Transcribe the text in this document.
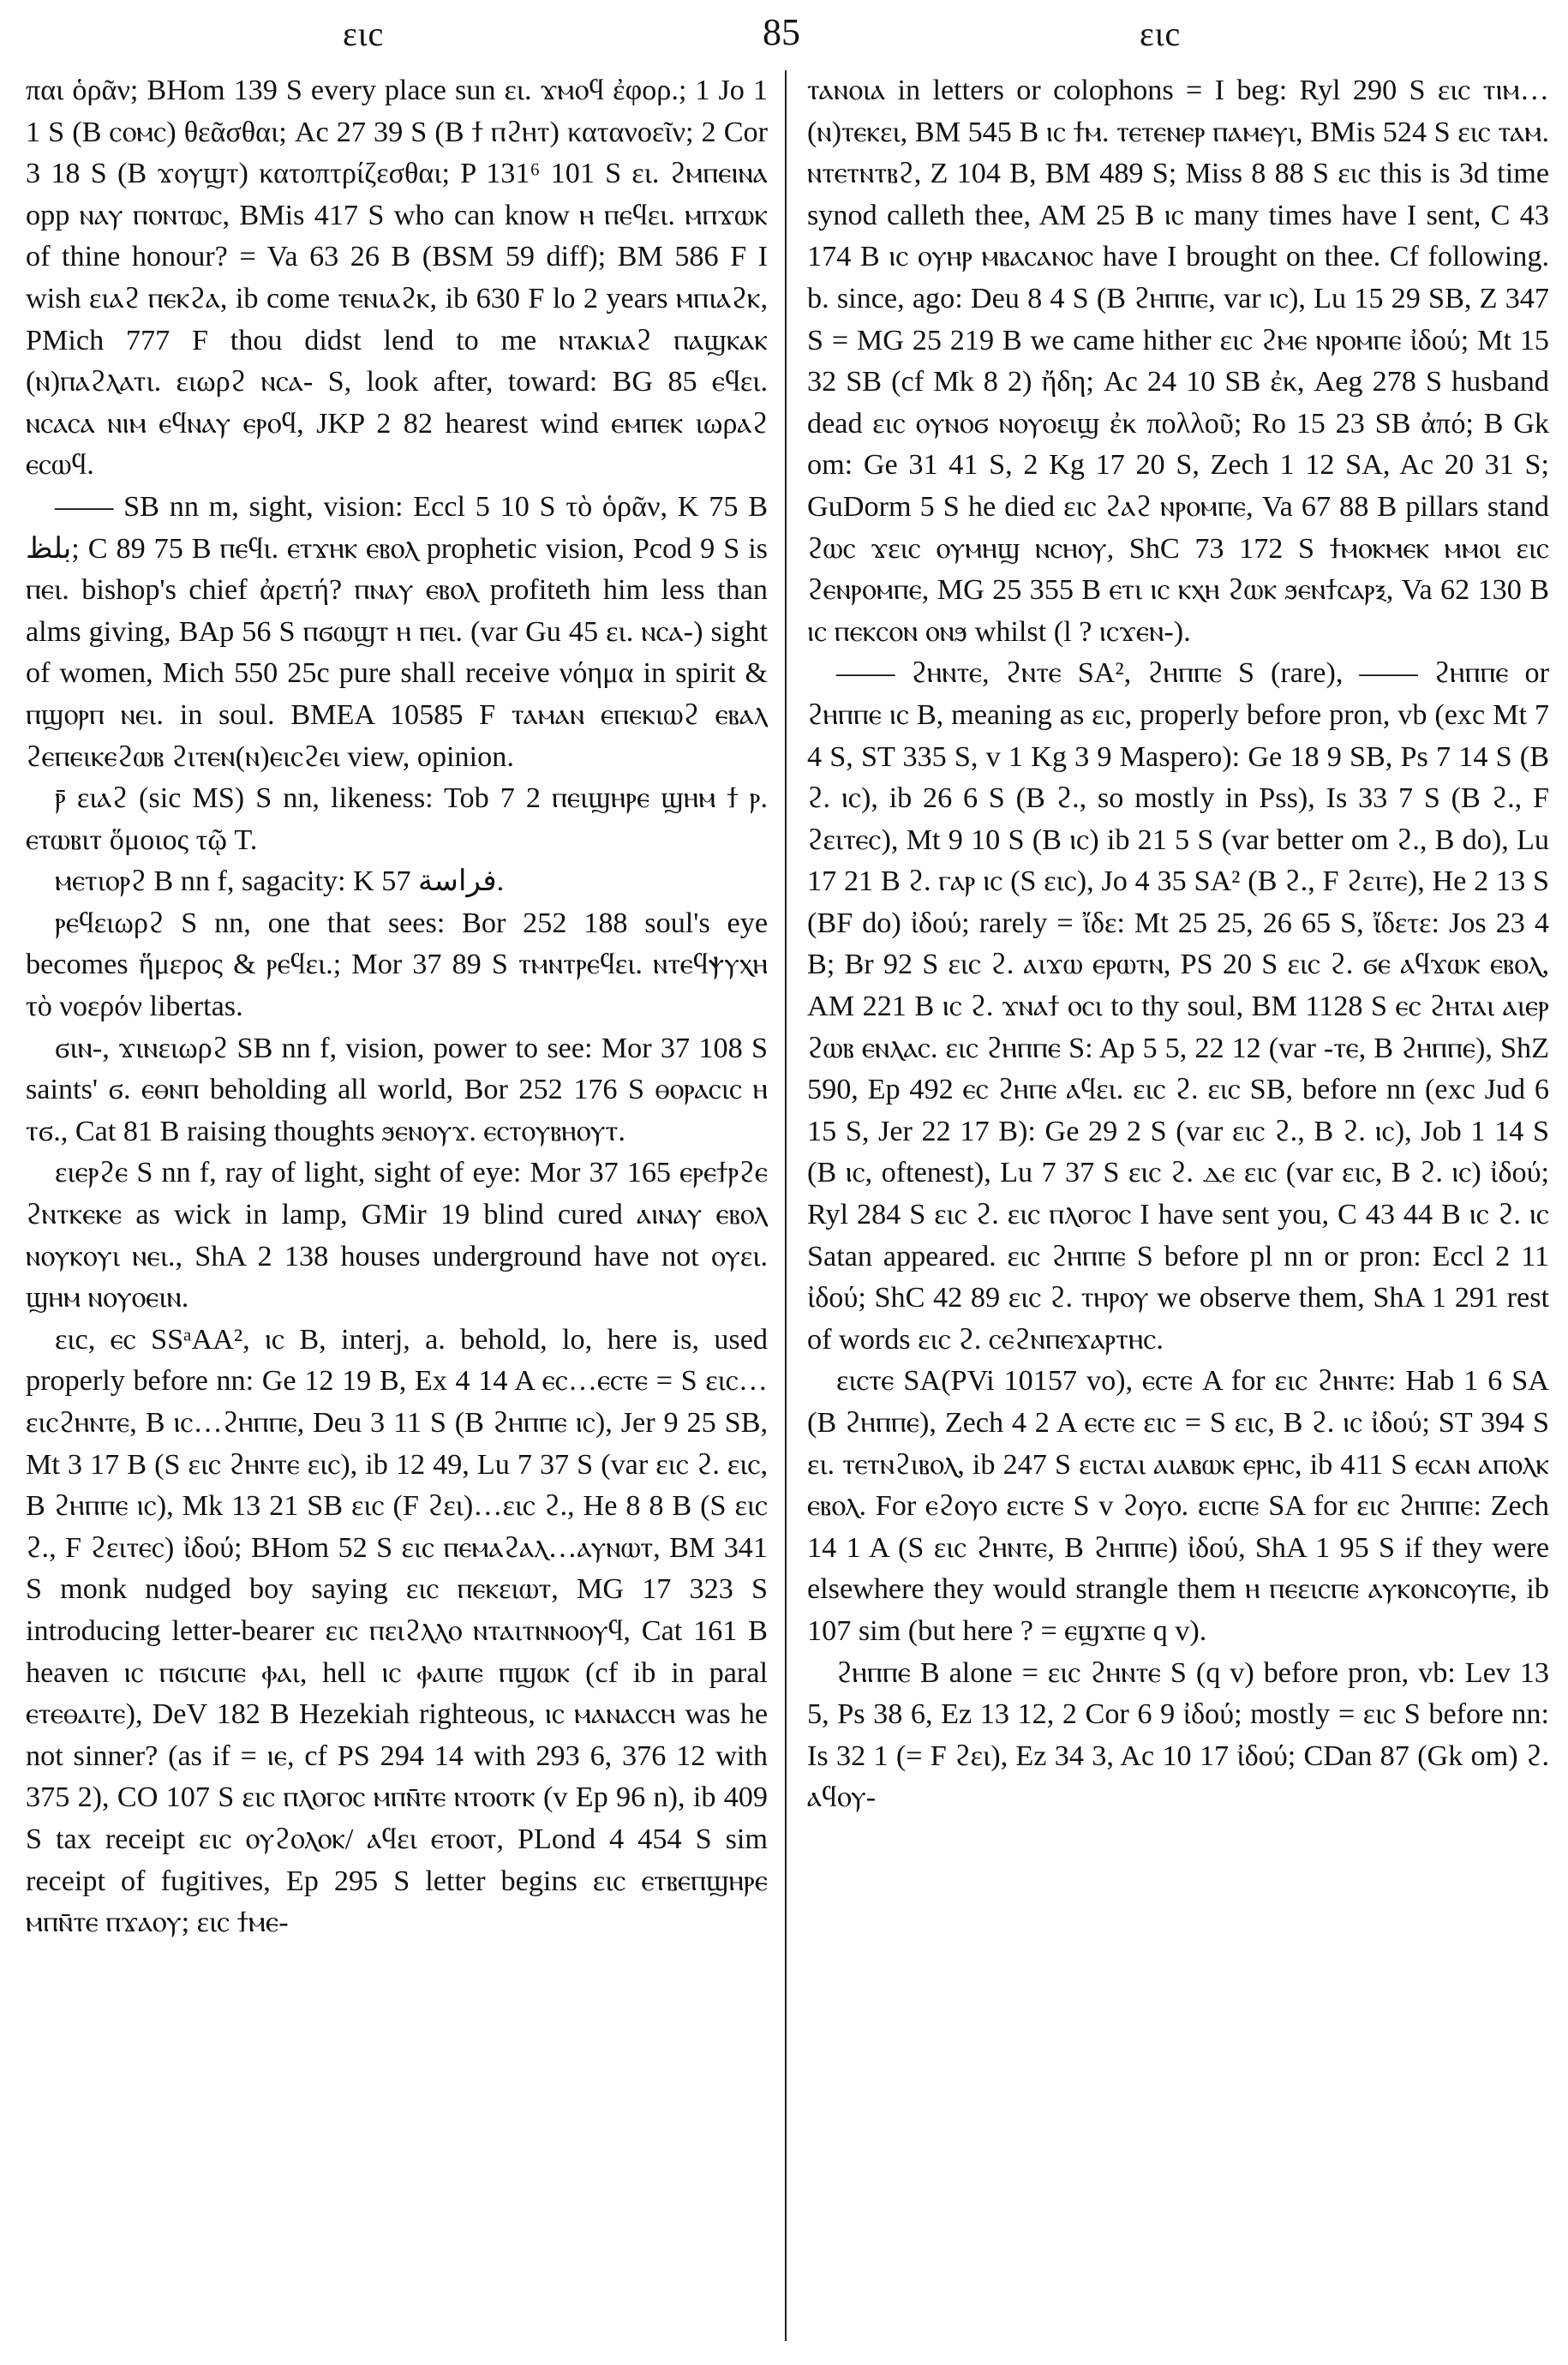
ειc	85	ειc

παι ὁρᾶν; BHom 139 S every place sun ει. ϫⲙⲟϥ ἐφορ.; 1 Jo 1 1 S (B ⲥⲟⲙⲥ) θεᾶσθαι; Ac 27 39 S (B ϯ ⲡϩⲏⲧ) κατανοεῖν; 2 Cor 3 18 S (B ϫⲟⲩϣⲧ) κατοπτρίζεσθαι; P 131⁶ 101 S ει. ϩⲙⲡⲉⲓⲛⲁ opp ⲛⲁⲩ ⲡⲟⲛⲧⲱⲥ, BMis 417 S who can know ⲏ ⲡⲉϥει. ⲙⲡϫⲱⲕ of thine honour? = Va 63 26 B (BSM 59 diff); BM 586 F I wish ειⲁϩ ⲡⲉⲕϩⲁ, ib come ⲧⲉⲛιⲁϩⲕ, ib 630 F lo 2 years ⲙⲡιⲁϩⲕ, PMich 777 F thou didst lend to me ⲛⲧⲁⲕιⲁϩ ⲡⲁϣⲕⲁⲕ (ⲛ)ⲡⲁϩⲗⲁⲧι. ειωρϩ ⲛⲥⲁ- S, look after, toward: BG 85 ⲉϥει. ⲛⲥⲁⲥⲁ ⲛⲓⲙ ⲉϥⲛⲁⲩ ⲉⲣⲟϥ, JKP 2 82 hearest wind ⲉⲙⲡⲉⲕ ιωρⲁϩ ⲉⲥⲱϥ.

—— SB nn m, sight, vision: Eccl 5 10 S τὸ ὁρᾶν, K 75 B بلظ; C 89 75 B ⲡⲉϥι. ⲉⲧϫⲏⲕ ⲉⲃⲟⲗ prophetic vision, Pcod 9 S is ⲡⲉι. bishop's chief ἀρετή? ⲡⲛⲁⲩ ⲉⲃⲟⲗ profiteth him less than alms giving, BAp 56 S ⲡϭⲱϣⲧ ⲏ ⲡⲉι. (var Gu 45 ει. ⲛⲥⲁ-) sight of women, Mich 550 25c pure shall receive νόημα in spirit & ⲡϣⲟⲣⲡ ⲛⲉι. in soul. BMEA 10585 F ⲧⲁⲙⲁⲛ ⲉⲡⲉⲕιⲱϩ ⲉⲃⲁⲗ ϩⲉⲡⲉιⲕⲉϩⲱⲃ ϩιⲧⲉⲛ(ⲛ)ⲉιⲥϩⲉι view, opinion.

ⲣ̄ ειⲁϩ (sic MS) S nn, likeness: Tob 7 2 ⲡⲉιϣⲏⲣⲉ ϣⲏⲙ ϯ ⲣ. ⲉⲧⲱⲃιⲧ ὅμοιος τῷ T.

ⲙⲉⲧιⲟⲣϩ B nn f, sagacity: K 57 فراسة.

ⲣⲉϥειωρϩ S nn, one that sees: Bor 252 188 soul's eye becomes ἥμερος & ⲣⲉϥει.; Mor 37 89 S ⲧⲙⲛⲧⲣⲉϥει. ⲛⲧⲉϥⲯⲩⲭⲏ τὸ νοερόν libertas.

ϭιⲛ-, ϫιⲛειωρϩ SB nn f, vision, power to see: Mor 37 108 S saints' ϭ. ⲉⲑⲛⲡ beholding all world, Bor 252 176 S ⲑⲟⲣⲁⲥιⲥ ⲏ ⲧϭ., Cat 81 B raising thoughts ϧⲉⲛⲟⲩϫ. ⲉⲥⲧⲟⲩⲃⲏⲟⲩⲧ.

ειⲉⲣϩⲉ S nn f, ray of light, sight of eye: Mor 37 165 ⲉⲣⲉϯⲣϩⲉ ϩⲛⲧⲕⲉⲕⲉ as wick in lamp, GMir 19 blind cured ⲁⲓⲛⲁⲩ ⲉⲃⲟⲗ ⲛⲟⲩⲕⲟⲩι ⲛⲉι., ShA 2 138 houses underground have not ⲟⲩει. ϣⲏⲙ ⲛⲟⲩⲟⲉιⲛ.

ειc, ⲉⲥ SSᵃAA², ⲓⲥ B, interj, a. behold, lo, here is, used properly before nn: Ge 12 19 B, Ex 4 14 A ⲉⲥ…ⲉⲥⲧⲉ = S ειⲥ…ειⲥϩⲏⲛⲧⲉ, B ⲓⲥ…ϩⲏⲡⲡⲉ, Deu 3 11 S (B ϩⲏⲡⲡⲉ ⲓⲥ), Jer 9 25 SB, Mt 3 17 B (S ειⲥ ϩⲏⲛⲧⲉ ειⲥ), ib 12 49, Lu 7 37 S (var ειⲥ ϩ. ειⲥ, B ϩⲏⲡⲡⲉ ⲓⲥ), Mk 13 21 SB ειⲥ (F ϩει)…ειⲥ ϩ., He 8 8 B (S ειⲥ ϩ., F ϩειⲧⲉⲥ) ἰδού; BHom 52 S ειⲥ ⲡⲉⲙⲁϩⲁⲗ…ⲁⲩⲛⲱⲧ, BM 341 S monk nudged boy saying ειⲥ ⲡⲉⲕειⲱⲧ, MG 17 323 S introducing letter-bearer ειⲥ ⲡειϩⲗⲗⲟ ⲛⲧⲁιⲧⲛⲛⲟⲟⲩϥ, Cat 161 B heaven ⲓⲥ ⲡϭιⲥιⲡⲉ ⲫⲁι, hell ⲓⲥ ⲫⲁιⲡⲉ ⲡϣⲱⲕ (cf ib in paral ⲉⲧⲉⲑⲁιⲧⲉ), DeV 182 B Hezekiah righteous, ⲓⲥ ⲙⲁⲛⲁⲥⲥⲏ was he not sinner? (as if = ⲓⲉ, cf PS 294 14 with 293 6, 376 12 with 375 2), CO 107 S ειⲥ ⲡⲗⲟⲅⲟⲥ ⲙⲡⲛ̄ⲧⲉ ⲛⲧⲟⲟⲧⲕ (v Ep 96 n), ib 409 S tax receipt ειⲥ ⲟⲩϩⲟⲗⲟⲕ/ ⲁϥει ⲉⲧⲟⲟⲧ, PLond 4 454 S sim receipt of fugitives, Ep 295 S letter begins ειⲥ ⲉⲧⲃⲉⲡϣⲏⲣⲉ ⲙⲡⲛ̄ⲧⲉ ⲡϫⲁⲟⲩ; ειⲥ ϯⲙⲉ-

ⲧⲁⲛⲟιⲁ in letters or colophons = I beg: Ryl 290 S ειⲥ ⲧⲓⲙ…(ⲛ)ⲧⲉⲕει, BM 545 B ⲓⲥ ϯⲙ. ⲧⲉⲧⲉⲛⲉⲣ ⲡⲁⲙⲉⲩι, BMis 524 S ειⲥ ⲧⲁⲙ. ⲛⲧⲉⲧⲛⲧⲃϩ, Z 104 B, BM 489 S; Miss 8 88 S ειⲥ this is 3d time synod calleth thee, AM 25 B ⲓⲥ many times have I sent, C 43 174 B ⲓⲥ ⲟⲩⲏⲣ ⲙⲃⲁⲥⲁⲛⲟⲥ have I brought on thee. Cf following. b. since, ago: Deu 8 4 S (B ϩⲏⲡⲡⲉ, var ⲓⲥ), Lu 15 29 SB, Z 347 S = MG 25 219 B we came hither ειⲥ ϩⲙⲉ ⲛⲣⲟⲙⲡⲉ ἰδού; Mt 15 32 SB (cf Mk 8 2) ἤδη; Ac 24 10 SB ἐκ, Aeg 278 S husband dead ειⲥ ⲟⲩⲛⲟϭ ⲛⲟⲩⲟειϣ ἐκ πολλοῦ; Ro 15 23 SB ἀπό; B Gk om: Ge 31 41 S, 2 Kg 17 20 S, Zech 1 12 SA, Ac 20 31 S; GuDorm 5 S he died ειⲥ ϩⲁϩ ⲛⲣⲟⲙⲡⲉ, Va 67 88 B pillars stand ϩⲱⲥ ϫειⲥ ⲟⲩⲙⲏϣ ⲛⲥⲏⲟⲩ, ShC 73 172 S ϯⲙⲟⲕⲙⲉⲕ ⲙⲙⲟι ειⲥ ϩⲉⲛⲣⲟⲙⲡⲉ, MG 25 355 B ⲉⲧι ⲓⲥ ⲕⲭⲏ ϩⲱⲕ ϧⲉⲛϯⲥⲁⲣⲝ, Va 62 130 B ⲓⲥ ⲡⲉⲕⲥⲟⲛ ⲟⲛϧ whilst (l ? ⲓⲥϫⲉⲛ-).

—— ϩⲏⲛⲧⲉ, ϩⲛⲧⲉ SA², ϩⲏⲡⲡⲉ S (rare), —— ϩⲏⲡⲡⲉ or ϩⲏⲡⲡⲉ ⲓⲥ B, meaning as ειⲥ, properly before pron, vb (exc Mt 7 4 S, ST 335 S, v 1 Kg 3 9 Maspero): Ge 18 9 SB, Ps 7 14 S (B ϩ. ⲓⲥ), ib 26 6 S (B ϩ., so mostly in Pss), Is 33 7 S (B ϩ., F ϩειⲧⲉⲥ), Mt 9 10 S (B ⲓⲥ) ib 21 5 S (var better om ϩ., B do), Lu 17 21 B ϩ. ⲅⲁⲣ ⲓⲥ (S ειⲥ), Jo 4 35 SA² (B ϩ., F ϩειⲧⲉ), He 2 13 S (BF do) ἰδού; rarely = ἴδε: Mt 25 25, 26 65 S, ἴδετε: Jos 23 4 B; Br 92 S ειⲥ ϩ. ⲁιϫⲱ ⲉⲣⲱⲧⲛ, PS 20 S ειⲥ ϩ. ϭⲉ ⲁϥϫⲱⲕ ⲉⲃⲟⲗ, AM 221 B ⲓⲥ ϩ. ϫⲛⲁϯ ⲟⲥι to thy soul, BM 1128 S ⲉⲥ ϩⲏⲧⲁι ⲁιⲉⲣ ϩⲱⲃ ⲉⲛⲗⲁⲥ. ειⲥ ϩⲏⲡⲡⲉ S: Ap 5 5, 22 12 (var -ⲧⲉ, B ϩⲏⲡⲡⲉ), ShZ 590, Ep 492 ⲉⲥ ϩⲏⲡⲉ ⲁϥει. ειⲥ ϩ. ειⲥ SB, before nn (exc Jud 6 15 S, Jer 22 17 B): Ge 29 2 S (var ειⲥ ϩ., B ϩ. ⲓⲥ), Job 1 14 S (B ⲓⲥ, oftenest), Lu 7 37 S ειⲥ ϩ. ⲇⲉ ειⲥ (var ειⲥ, B ϩ. ⲓⲥ) ἰδού; Ryl 284 S ειⲥ ϩ. ειⲥ ⲡⲗⲟⲅⲟⲥ I have sent you, C 43 44 B ⲓⲥ ϩ. ⲓⲥ Satan appeared. ειⲥ ϩⲏⲡⲡⲉ S before pl nn or pron: Eccl 2 11 ἰδού; ShC 42 89 ειⲥ ϩ. ⲧⲏⲣⲟⲩ we observe them, ShA 1 291 rest of words ειⲥ ϩ. ⲥⲉϩⲛⲡⲉϫⲁⲣⲧⲏⲥ.

ειⲥⲧⲉ SA(PVi 10157 vo), ⲉⲥⲧⲉ A for ειⲥ ϩⲏⲛⲧⲉ: Hab 1 6 SA (B ϩⲏⲡⲡⲉ), Zech 4 2 A ⲉⲥⲧⲉ ειⲥ = S ειⲥ, B ϩ. ⲓⲥ ἰδού; ST 394 S ει. ⲧⲉⲧⲛϩιⲃⲟⲗ, ib 247 S ειⲥⲧⲁι ⲁιⲁⲃⲱⲕ ⲉⲣⲏⲥ, ib 411 S ⲉⲥⲁⲛ ⲁⲡⲟⲗⲕ ⲉⲃⲟⲗ. For ⲉϩⲟⲩⲟ ειⲥⲧⲉ S v ϩⲟⲩⲟ. ειⲥⲡⲉ SA for ειⲥ ϩⲏⲡⲡⲉ: Zech 14 1 A (S ειⲥ ϩⲏⲛⲧⲉ, B ϩⲏⲡⲡⲉ) ἰδού, ShA 1 95 S if they were elsewhere they would strangle them ⲏ ⲡⲉειⲥⲡⲉ ⲁⲩⲕⲟⲛⲥⲟⲩⲡⲉ, ib 107 sim (but here ? = ⲉϣϫⲡⲉ q v).

ϩⲏⲡⲡⲉ B alone = ειⲥ ϩⲏⲛⲧⲉ S (q v) before pron, vb: Lev 13 5, Ps 38 6, Ez 13 12, 2 Cor 6 9 ἰδού; mostly = ειⲥ S before nn: Is 32 1 (= F ϩει), Ez 34 3, Ac 10 17 ἰδού; CDan 87 (Gk om) ϩ. ⲁϥⲟⲩ-
